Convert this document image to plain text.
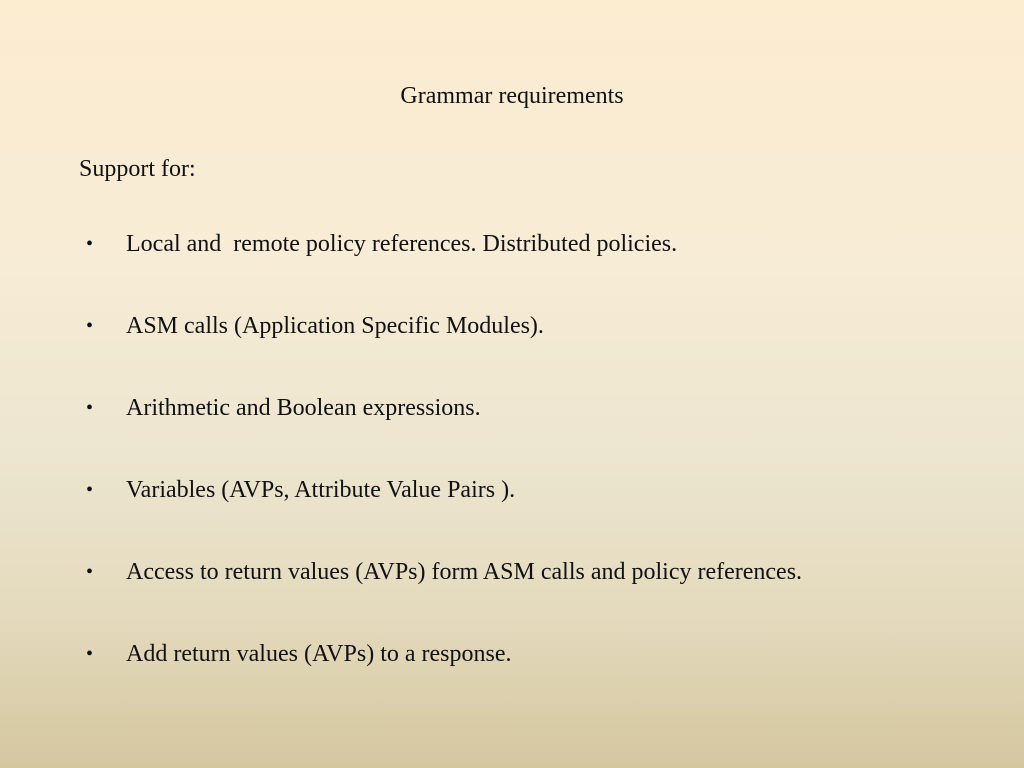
Grammar requirements
Support for:
•	Local and  remote policy references. Distributed policies.
•	ASM calls (Application Specific Modules).
•	Arithmetic and Boolean expressions.
•	Variables (AVPs, Attribute Value Pairs ).
•	Access to return values (AVPs) form ASM calls and policy references.
•	Add return values (AVPs) to a response.
